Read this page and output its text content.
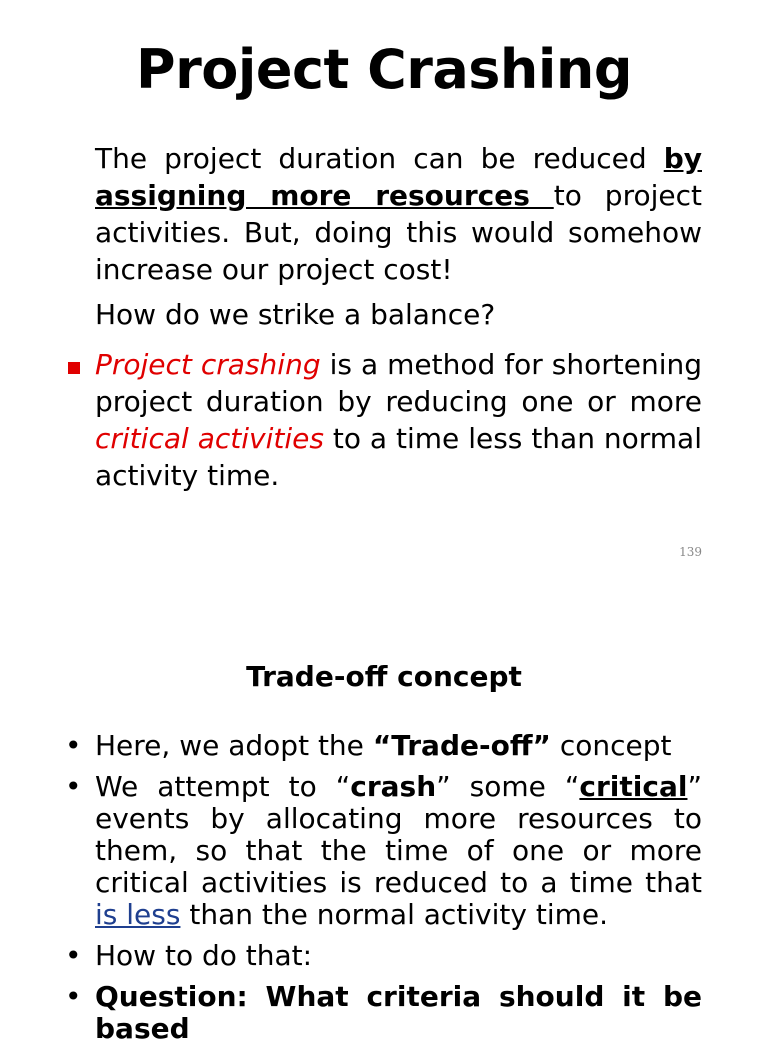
Project Crashing

The project duration can be reduced by assigning more resources to project activities. But, doing this would somehow increase our project cost!

How do we strike a balance?

Project crashing is a method for shortening project duration by reducing one or more critical activities to a time less than normal activity time.

139
Trade-off concept
• Here, we adopt the “Trade-off” concept
• We attempt to “crash” some “critical” events by allocating more resources to them, so that the time of one or more critical activities is reduced to a time that is less than the normal activity time.
• How to do that:
• Question: What criteria should it be based
